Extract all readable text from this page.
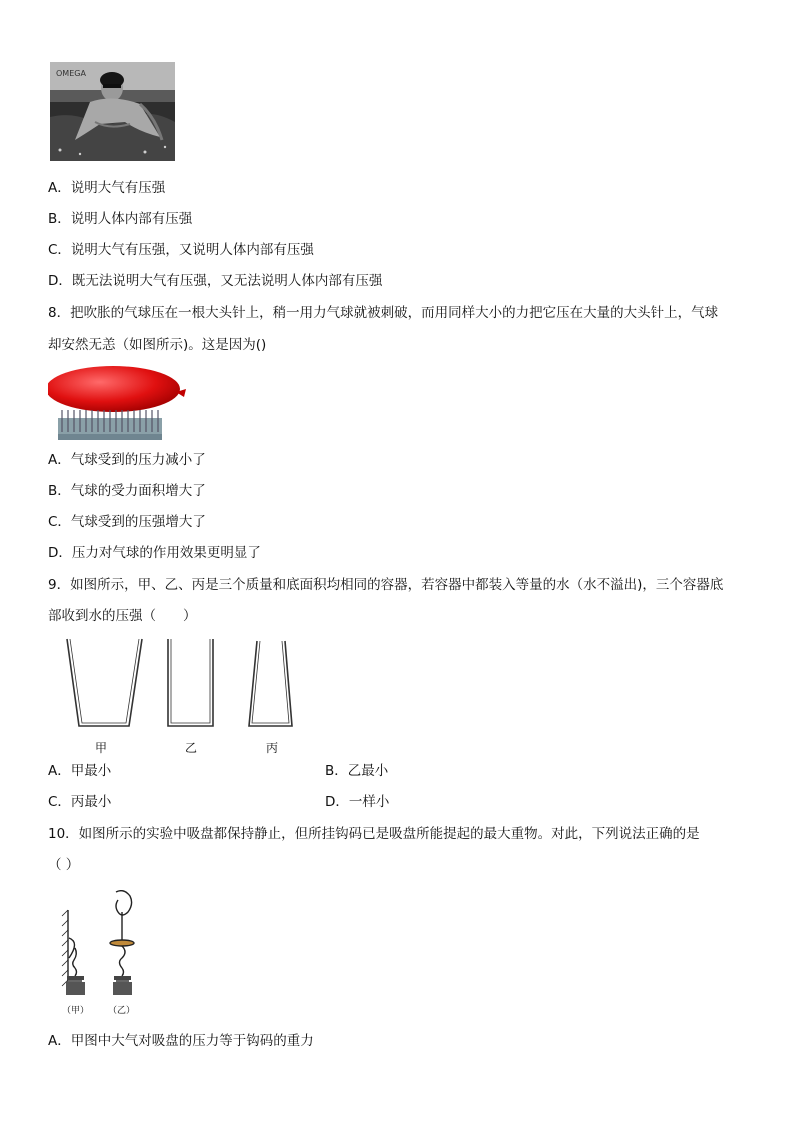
OMEGA
A．说明大气有压强
B．说明人体内部有压强
C．说明大气有压强，又说明人体内部有压强
D．既无法说明大气有压强，又无法说明人体内部有压强
8．把吹胀的气球压在一根大头针上，稍一用力气球就被刺破，而用同样大小的力把它压在大量的大头针上，气球
却安然无恙（如图所示)。这是因为()
A．气球受到的压力减小了
B．气球的受力面积增大了
C．气球受到的压强增大了
D．压力对气球的作用效果更明显了
9．如图所示，甲、乙、丙是三个质量和底面积均相同的容器，若容器中都装入等量的水（水不溢出)，三个容器底
部收到水的压强（　　）
甲	乙	丙
A．甲最小	B．乙最小
C．丙最小	D．一样小
10．如图所示的实验中吸盘都保持静止，但所挂钩码已是吸盘所能提起的最大重物。对此，下列说法正确的是
（ ）
（甲） （乙）
A．甲图中大气对吸盘的压力等于钩码的重力
